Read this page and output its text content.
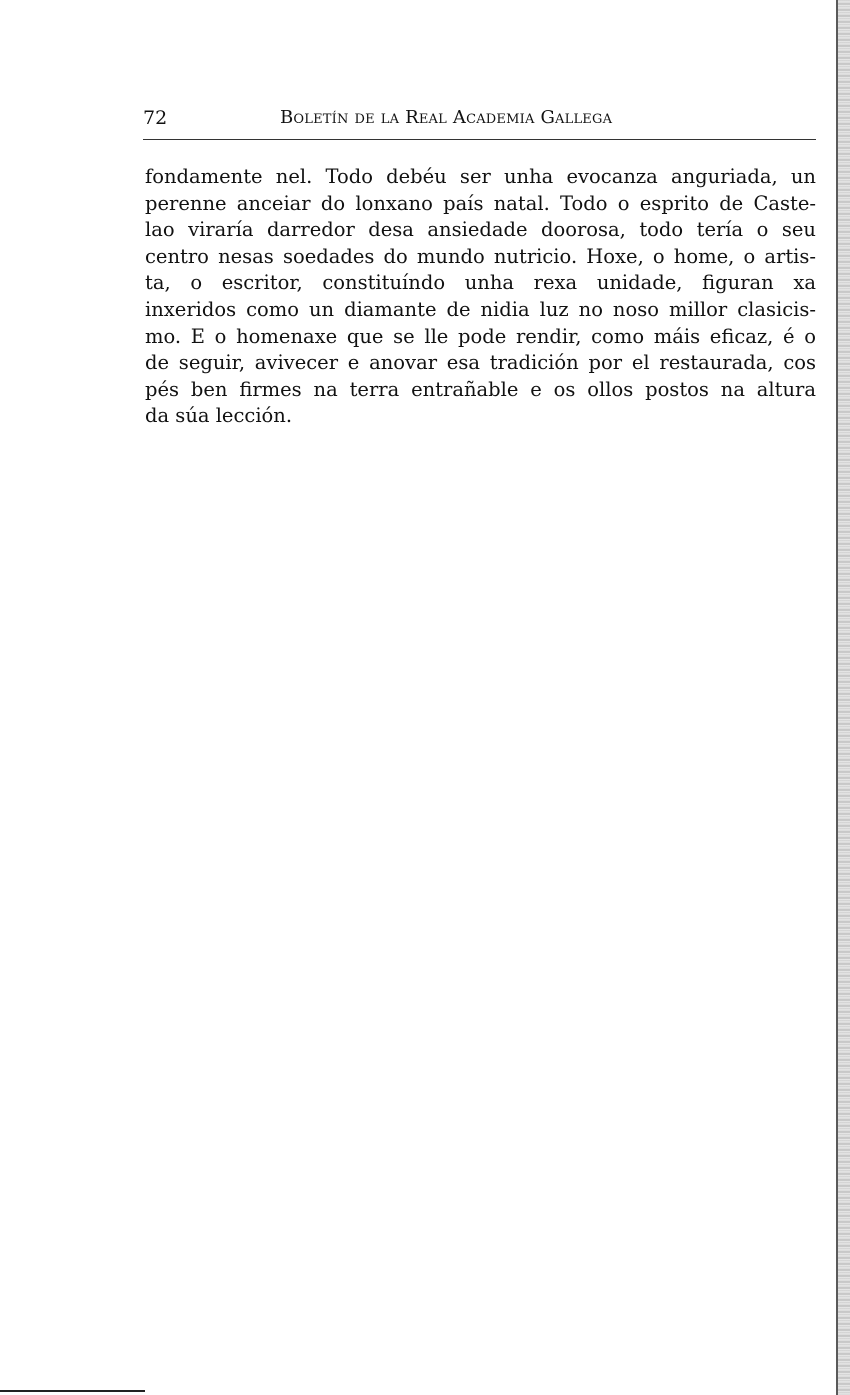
72	Boletín de la Real Academia Gallega
fondamente nel. Todo debéu ser unha evocanza anguriada, un
perenne anceiar do lonxano país natal. Todo o esprito de Caste-
lao viraría darredor desa ansiedade doorosa, todo tería o seu
centro nesas soedades do mundo nutricio. Hoxe, o home, o artis-
ta, o escritor, constituíndo unha rexa unidade, figuran xa
inxeridos como un diamante de nidia luz no noso millor clasicis-
mo. E o homenaxe que se lle pode rendir, como máis eficaz, é o
de seguir, avivecer e anovar esa tradición por el restaurada, cos
pés ben firmes na terra entrañable e os ollos postos na altura
da súa lección.
